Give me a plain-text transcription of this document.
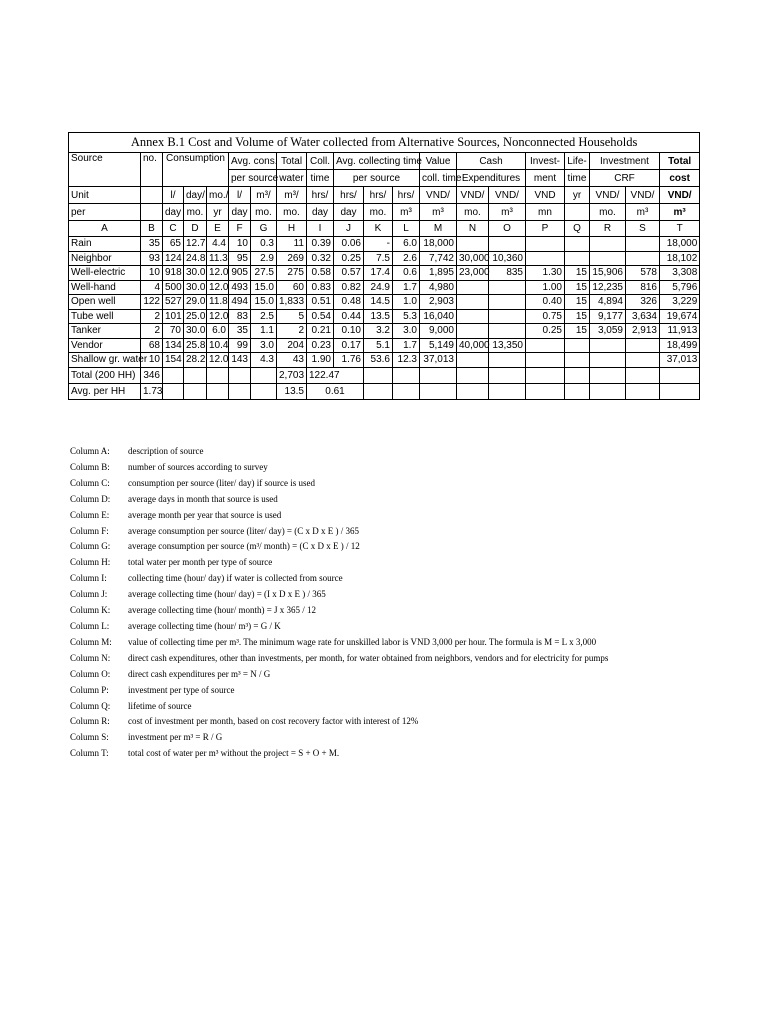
Annex B.1 Cost and Volume of Water collected from Alternative Sources, Nonconnected Households																			
Source	no.	Consumption			Avg. cons.		Total	Coll.	Avg. collecting time			Value	Cash		Invest-	Life-	Investment		Total
					per source		water	time	per source			coll. time	Expenditures		ment	time	CRF		cost
Unit		l/	day/	mo./	l/	m³/	m³/	hrs/	hrs/	hrs/	hrs/	VND/	VND/	VND/	VND	yr	VND/	VND/	VND/
per		day	mo.	yr	day	mo.	mo.	day	day	mo.	m³	m³	mo.	m³	mn		mo.	m³	m³
A	B	C	D	E	F	G	H	I	J	K	L	M	N	O	P	Q	R	S	T
Rain	35	65	12.7	4.4	10	0.3	11	0.39	0.06	-	6.0	18,000							18,000
Neighbor	93	124	24.8	11.3	95	2.9	269	0.32	0.25	7.5	2.6	7,742	30,000	10,360					18,102
Well-electric	10	918	30.0	12.0	905	27.5	275	0.58	0.57	17.4	0.6	1,895	23,000	835	1.30	15	15,906	578	3,308
Well-hand	4	500	30.0	12.0	493	15.0	60	0.83	0.82	24.9	1.7	4,980			1.00	15	12,235	816	5,796
Open well	122	527	29.0	11.8	494	15.0	1,833	0.51	0.48	14.5	1.0	2,903			0.40	15	4,894	326	3,229
Tube well	2	101	25.0	12.0	83	2.5	5	0.54	0.44	13.5	5.3	16,040			0.75	15	9,177	3,634	19,674
Tanker	2	70	30.0	6.0	35	1.1	2	0.21	0.10	3.2	3.0	9,000			0.25	15	3,059	2,913	11,913
Vendor	68	134	25.8	10.4	99	3.0	204	0.23	0.17	5.1	1.7	5,149	40,000	13,350					18,499
Shallow gr. water	10	154	28.2	12.0	143	4.3	43	1.90	1.76	53.6	12.3	37,013							37,013
Total (200 HH)	346						2,703	122.47											
Avg. per HH	1.73						13.5	0.61											
Column A:	description of source
Column B:	number of sources according to survey
Column C:	consumption per source (liter/ day) if source is used
Column D:	average days in month that source is used
Column E:	average month per year that source is used
Column F:	average consumption per source (liter/ day) = (C x D x E ) / 365
Column G:	average consumption per source (m³/ month) = (C x D x E ) / 12
Column H:	total water per month per type of source
Column I:	collecting time (hour/ day) if water is collected from source
Column J:	average collecting time (hour/ day) = (I x D x E ) / 365
Column K:	average collecting time (hour/ month) = J x 365 / 12
Column L:	average collecting time (hour/ m³) = G / K
Column M:	value of collecting time per m³. The minimum wage rate for unskilled labor is VND 3,000 per hour. The formula is M = L x 3,000
Column N:	direct cash expenditures, other than investments, per month, for water obtained from neighbors, vendors and for electricity for pumps
Column O:	direct cash expenditures per m³ = N / G
Column P:	investment per type of source
Column Q:	lifetime of source
Column R:	cost of investment per month, based on cost recovery factor with interest of 12%
Column S:	investment per m³ = R / G
Column T:	total cost of water per m³ without the project = S + O + M.
